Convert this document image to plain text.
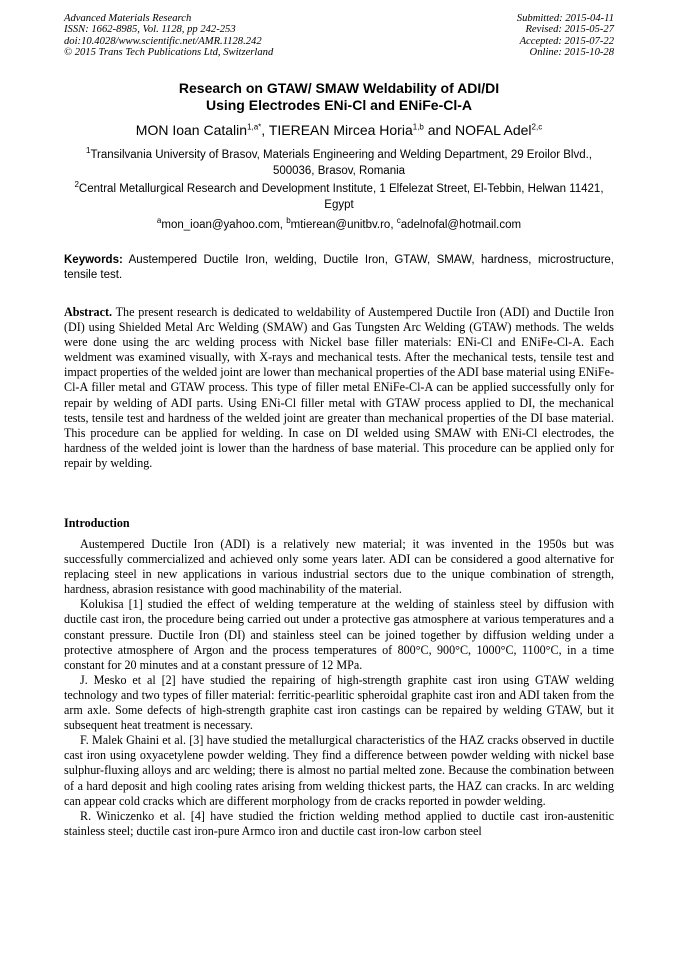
Advanced Materials Research
ISSN: 1662-8985, Vol. 1128, pp 242-253
doi:10.4028/www.scientific.net/AMR.1128.242
© 2015 Trans Tech Publications Ltd, Switzerland
Submitted: 2015-04-11
Revised: 2015-05-27
Accepted: 2015-07-22
Online: 2015-10-28
Research on GTAW/ SMAW Weldability of ADI/DI
Using Electrodes ENi-Cl and ENiFe-Cl-A
MON Ioan Catalin$^{1,a*}$, TIEREAN Mircea Horia$^{1,b}$ and NOFAL Adel$^{2,c}$
$^1$Transilvania University of Brasov, Materials Engineering and Welding Department, 29 Eroilor Blvd., 500036, Brasov, Romania
$^2$Central Metallurgical Research and Development Institute, 1 Elfelezat Street, El-Tebbin, Helwan 11421, Egypt
$^a$mon_ioan@yahoo.com, $^b$mtierean@unitbv.ro, $^c$adelnofal@hotmail.com
Keywords: Austempered Ductile Iron, welding, Ductile Iron, GTAW, SMAW, hardness, microstructure, tensile test.
Abstract. The present research is dedicated to weldability of Austempered Ductile Iron (ADI) and Ductile Iron (DI) using Shielded Metal Arc Welding (SMAW) and Gas Tungsten Arc Welding (GTAW) methods. The welds were done using the arc welding process with Nickel base filler materials: ENi-Cl and ENiFe-Cl-A. Each weldment was examined visually, with X-rays and mechanical tests. After the mechanical tests, tensile test and impact properties of the welded joint are lower than mechanical properties of the ADI base material using ENiFe-Cl-A filler metal and GTAW process. This type of filler metal ENiFe-Cl-A can be applied successfully only for repair by welding of ADI parts. Using ENi-Cl filler metal with GTAW process applied to DI, the mechanical tests, tensile test and hardness of the welded joint are greater than mechanical properties of the DI base material. This procedure can be applied for welding. In case on DI welded using SMAW with ENi-Cl electrodes, the hardness of the welded joint is lower than the hardness of base material. This procedure can be applied only for repair by welding.
Introduction

Austempered Ductile Iron (ADI) is a relatively new material; it was invented in the 1950s but was successfully commercialized and achieved only some years later. ADI can be considered a good alternative for replacing steel in new applications in various industrial sectors due to the unique combination of strength, hardness, abrasion resistance with good machinability of the material.

Kolukisa [1] studied the effect of welding temperature at the welding of stainless steel by diffusion with ductile cast iron, the procedure being carried out under a protective gas atmosphere at various temperatures and a constant pressure. Ductile Iron (DI) and stainless steel can be joined together by diffusion welding under a protective atmosphere of Argon and the process temperatures of 800°C, 900°C, 1000°C, 1100°C, in a time constant for 20 minutes and at a constant pressure of 12 MPa.

J. Mesko et al [2] have studied the repairing of high-strength graphite cast iron using GTAW welding technology and two types of filler material: ferritic-pearlitic spheroidal graphite cast iron and ADI taken from the arm axle. Some defects of high-strength graphite cast iron castings can be repaired by welding GTAW, but it subsequent heat treatment is necessary.

F. Malek Ghaini et al. [3] have studied the metallurgical characteristics of the HAZ cracks observed in ductile cast iron using oxyacetylene powder welding. They find a difference between powder welding with nickel base sulphur-fluxing alloys and arc welding; there is almost no partial melted zone. Because the combination between of a hard deposit and high cooling rates arising from welding thickest parts, the HAZ can cracks. In arc welding can appear cold cracks which are different morphology from de cracks reported in powder welding.

R. Winiczenko et al. [4] have studied the friction welding method applied to ductile cast iron-austenitic stainless steel; ductile cast iron-pure Armco iron and ductile cast iron-low carbon steel
